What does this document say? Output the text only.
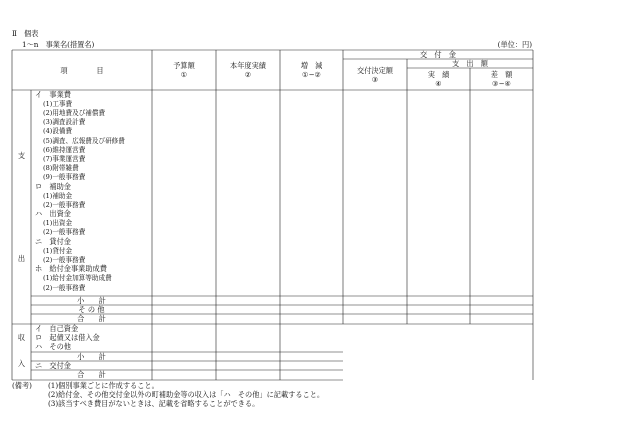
Ⅱ　個表
1〜n　事業名(措置名)	(単位：円)
項　　　　目
予算額
①
本年度実績
②
増　減
①−②
交　付　金
交付決定額
③
支　出　額
実　績
④
差　額
③−④
支
出
イ　事業費
(1)工事費
(2)用地費及び補償費
(3)調査設計費
(4)設備費
(5)調査、広報費及び研修費
(6)維持運営費
(7)事業運営費
(8)附帯雑費
(9)一般事務費
ロ　補助金
(1)補助金
(2)一般事務費
ハ　出資金
(1)出資金
(2)一般事務費
ニ　貸付金
(1)貸付金
(2)一般事務費
ホ　給付金事業助成費
(1)給付金加算等助成費
(2)一般事務費
小　　計
そ の 他
合　　計
収
入
イ　自己資金
ロ　起債又は借入金
ハ　その他
小　　計
ニ　交付金
合　　計
(備考) (1)個別事業ごとに作成すること。
(2)給付金、その他交付金以外の町補助金等の収入は「ハ　その他」に記載すること。
(3)該当すべき費目がないときは、記載を省略することができる。
